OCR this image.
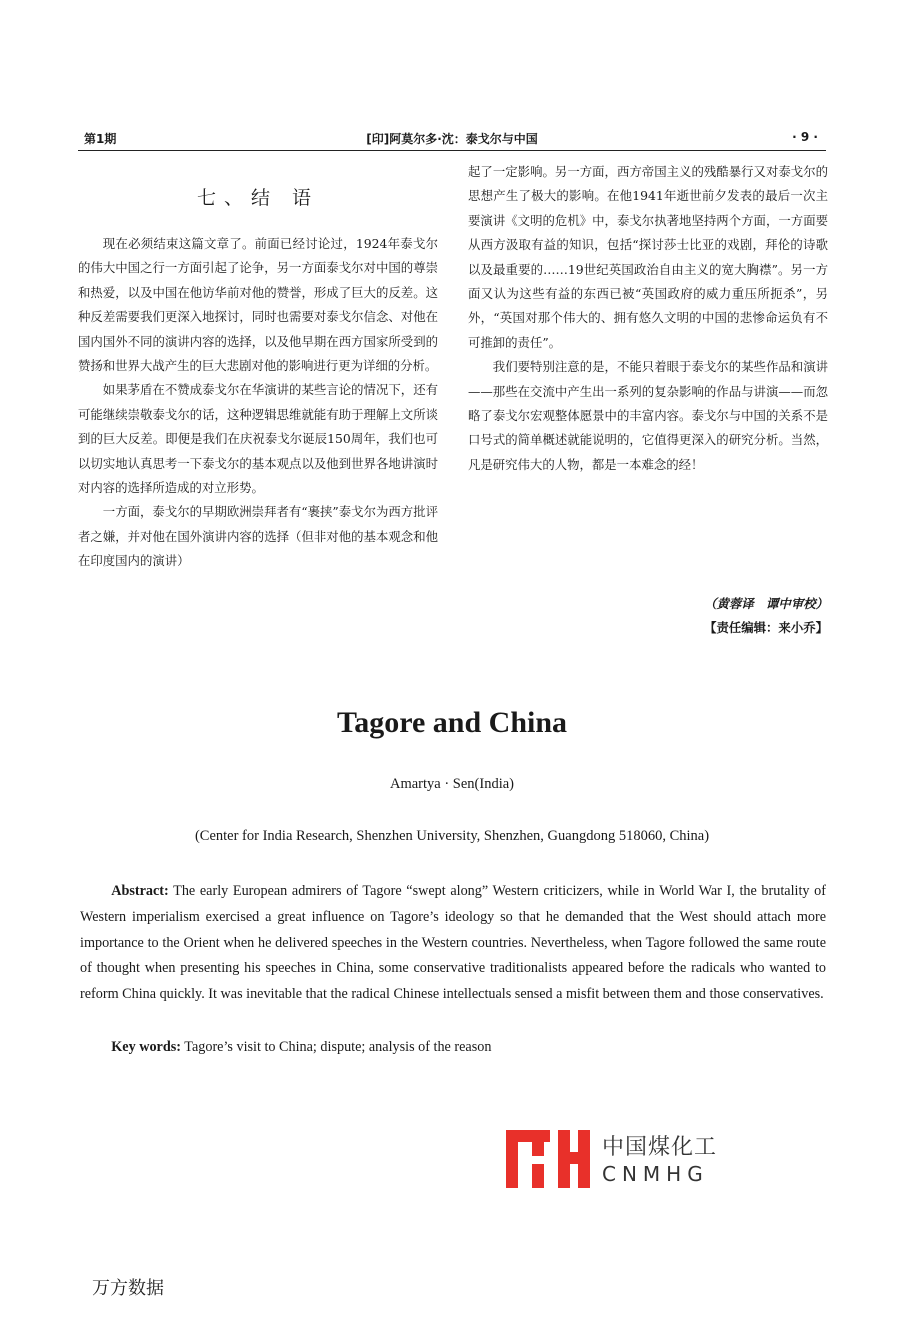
第1期	[印]阿莫尔多·沈：泰戈尔与中国	· 9 ·
七、结 语

现在必须结束这篇文章了。前面已经讨论过，1924年泰戈尔的伟大中国之行一方面引起了论争，另一方面泰戈尔对中国的尊崇和热爱，以及中国在他访华前对他的赞誉，形成了巨大的反差。这种反差需要我们更深入地探讨，同时也需要对泰戈尔信念、对他在国内国外不同的演讲内容的选择，以及他早期在西方国家所受到的赞扬和世界大战产生的巨大悲剧对他的影响进行更为详细的分析。

如果茅盾在不赞成泰戈尔在华演讲的某些言论的情况下，还有可能继续崇敬泰戈尔的话，这种逻辑思维就能有助于理解上文所谈到的巨大反差。即便是我们在庆祝泰戈尔诞辰150周年，我们也可以切实地认真思考一下泰戈尔的基本观点以及他到世界各地讲演时对内容的选择所造成的对立形势。

一方面，泰戈尔的早期欧洲崇拜者有“裹挟”泰戈尔为西方批评者之嫌，并对他在国外演讲内容的选择（但非对他的基本观念和他在印度国内的演讲）

起了一定影响。另一方面，西方帝国主义的残酷暴行又对泰戈尔的思想产生了极大的影响。在他1941年逝世前夕发表的最后一次主要演讲《文明的危机》中，泰戈尔执著地坚持两个方面，一方面要从西方汲取有益的知识，包括“探讨莎士比亚的戏剧，拜伦的诗歌以及最重要的……19世纪英国政治自由主义的宽大胸襟”。另一方面又认为这些有益的东西已被“英国政府的威力重压所扼杀”，另外，“英国对那个伟大的、拥有悠久文明的中国的悲惨命运负有不可推卸的责任”。

我们要特别注意的是，不能只着眼于泰戈尔的某些作品和演讲——那些在交流中产生出一系列的复杂影响的作品与讲演——而忽略了泰戈尔宏观整体愿景中的丰富内容。泰戈尔与中国的关系不是口号式的简单概述就能说明的，它值得更深入的研究分析。当然，凡是研究伟大的人物，都是一本难念的经！

（黄蓉译　谭中审校）
【责任编辑：来小乔】
Tagore and China
Amartya · Sen(India)
(Center for India Research, Shenzhen University, Shenzhen, Guangdong 518060, China)

Abstract: The early European admirers of Tagore “swept along” Western criticizers, while in World War I, the brutality of Western imperialism exercised a great influence on Tagore’s ideology so that he demanded that the West should attach more importance to the Orient when he delivered speeches in the Western countries. Nevertheless, when Tagore followed the same route of thought when presenting his speeches in China, some conservative traditionalists appeared before the radicals who wanted to reform China quickly. It was inevitable that the radical Chinese intellectuals sensed a misfit between them and those conservatives.

Key words: Tagore’s visit to China; dispute; analysis of the reason
中国煤化工
CNMHG
万方数据
